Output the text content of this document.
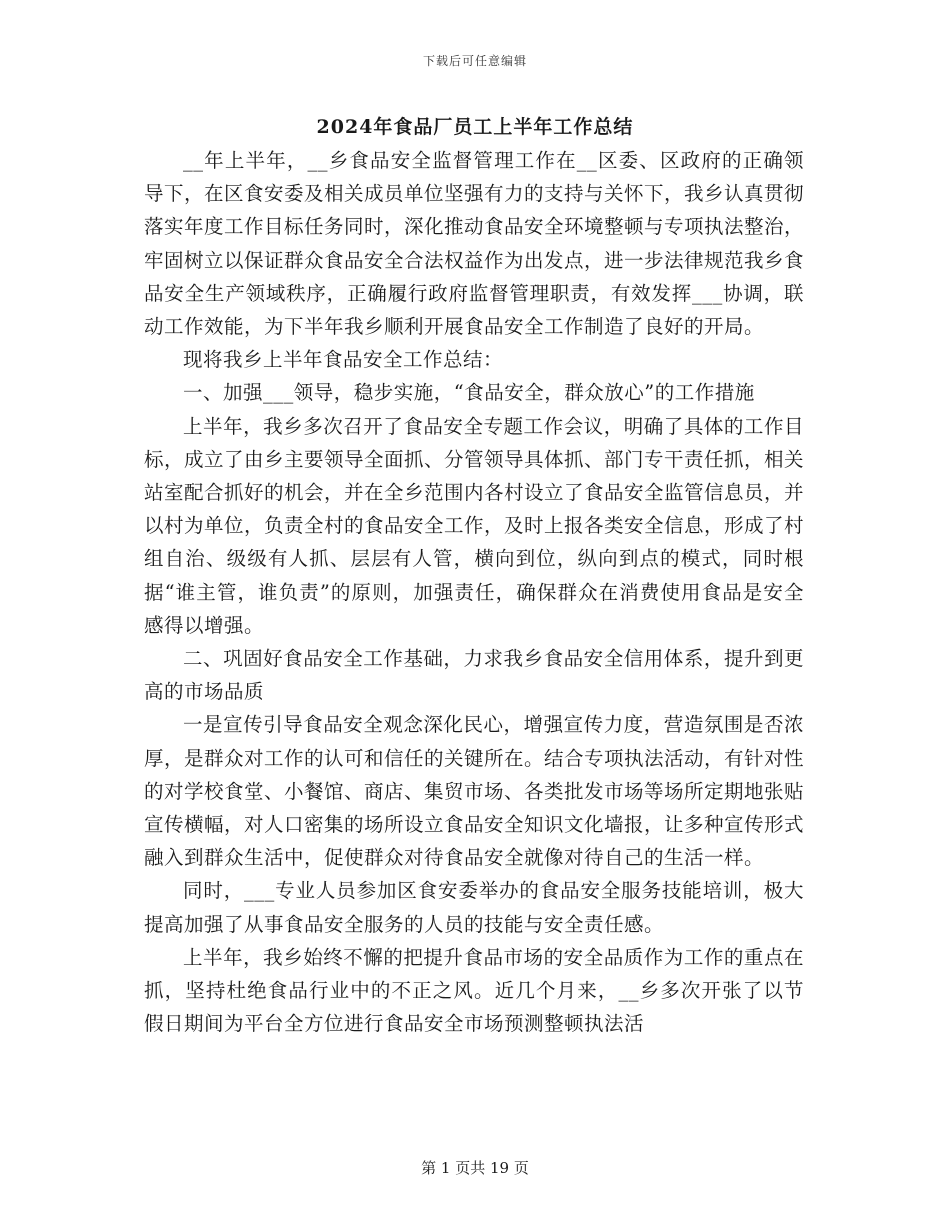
下载后可任意编辑
2024年食品厂员工上半年工作总结

__年上半年，__乡食品安全监督管理工作在__区委、区政府的正确领导下，在区食安委及相关成员单位坚强有力的支持与关怀下，我乡认真贯彻落实年度工作目标任务同时，深化推动食品安全环境整顿与专项执法整治，牢固树立以保证群众食品安全合法权益作为出发点，进一步法律规范我乡食品安全生产领域秩序，正确履行政府监督管理职责，有效发挥___协调，联动工作效能，为下半年我乡顺利开展食品安全工作制造了良好的开局。

现将我乡上半年食品安全工作总结：

一、加强___领导，稳步实施，“食品安全，群众放心”的工作措施

上半年，我乡多次召开了食品安全专题工作会议，明确了具体的工作目标，成立了由乡主要领导全面抓、分管领导具体抓、部门专干责任抓，相关站室配合抓好的机会，并在全乡范围内各村设立了食品安全监管信息员，并以村为单位，负责全村的食品安全工作，及时上报各类安全信息，形成了村组自治、级级有人抓、层层有人管，横向到位，纵向到点的模式，同时根据“谁主管，谁负责”的原则，加强责任，确保群众在消费使用食品是安全感得以增强。

二、巩固好食品安全工作基础，力求我乡食品安全信用体系，提升到更高的市场品质

一是宣传引导食品安全观念深化民心，增强宣传力度，营造氛围是否浓厚，是群众对工作的认可和信任的关键所在。结合专项执法活动，有针对性的对学校食堂、小餐馆、商店、集贸市场、各类批发市场等场所定期地张贴宣传横幅，对人口密集的场所设立食品安全知识文化墙报，让多种宣传形式融入到群众生活中，促使群众对待食品安全就像对待自己的生活一样。

同时，___专业人员参加区食安委举办的食品安全服务技能培训，极大提高加强了从事食品安全服务的人员的技能与安全责任感。

上半年，我乡始终不懈的把提升食品市场的安全品质作为工作的重点在抓，坚持杜绝食品行业中的不正之风。近几个月来，__乡多次开张了以节假日期间为平台全方位进行食品安全市场预测整顿执法活

第 1 页共 19 页
